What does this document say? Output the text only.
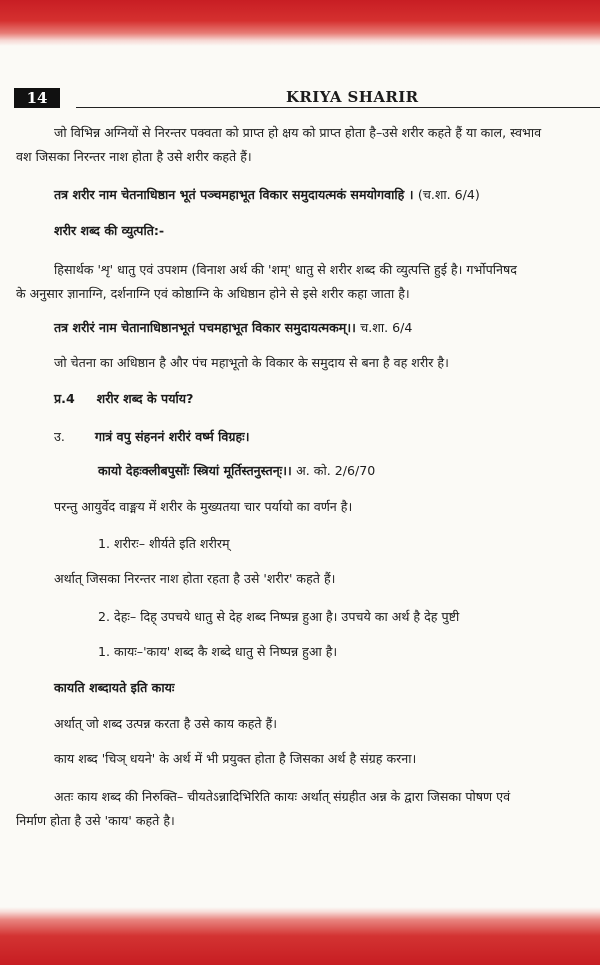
14	KRIYA SHARIR

जो विभिन्न अग्नियों से निरन्तर पक्वता को प्राप्त हो क्षय को प्राप्त होता है–उसे शरीर कहते हैं या काल, स्वभाव

वश जिसका निरन्तर नाश होता है उसे शरीर कहते हैं।

तत्र शरीर नाम चेतनाधिष्ठान भूतं पञ्चमहाभूत विकार समुदायत्मकं समयोगवाहि । (च.शा. 6/4)

शरीर शब्द की व्युत्पति:-

हिसार्थक 'शृ' धातु एवं उपशम (विनाश अर्थ की 'शम्' धातु से शरीर शब्द की व्युत्पत्ति हुई है। गर्भोपनिषद

के अनुसार ज्ञानाग्नि, दर्शनाग्नि एवं कोष्ठाग्नि के अधिष्ठान होने से इसे शरीर कहा जाता है।

तत्र शरीरं नाम चेतानाधिष्ठानभूतं पचमहाभूत विकार समुदायत्मकम्।। च.शा. 6/4

जो चेतना का अधिष्ठान है और पंच महाभूतो के विकार के समुदाय से बना है वह शरीर है।

प्र.4 शरीर शब्द के पर्याय?

उ. गात्रं वपु संहननं शरीरं वर्ष्म विग्रहः।

कायो देहःक्लीबपुसोंः स्त्रियां मूर्तिस्तनुस्तन्ः।। अ. को. 2/6/70

परन्तु आयुर्वेद वाङ्मय में शरीर के मुख्यतया चार पर्यायो का वर्णन है।

1. शरीरः– शीर्यते इति शरीरम्

अर्थात् जिसका निरन्तर नाश होता रहता है उसे 'शरीर' कहते हैं।

2. देहः– दिह् उपचये धातु से देह शब्द निष्पन्न हुआ है। उपचये का अर्थ है देह पुष्टी

1. कायः–'काय' शब्द कै शब्दे धातु से निष्पन्न हुआ है।

कायति शब्दायते इति कायः

अर्थात् जो शब्द उत्पन्न करता है उसे काय कहते हैं।

काय शब्द 'चिञ् धयने' के अर्थ में भी प्रयुक्त होता है जिसका अर्थ है संग्रह करना।

अतः काय शब्द की निरुक्ति– चीयतेऽन्नादिभिरिति कायः अर्थात् संग्रहीत अन्न के द्वारा जिसका पोषण एवं

निर्माण होता है उसे 'काय' कहते है।
